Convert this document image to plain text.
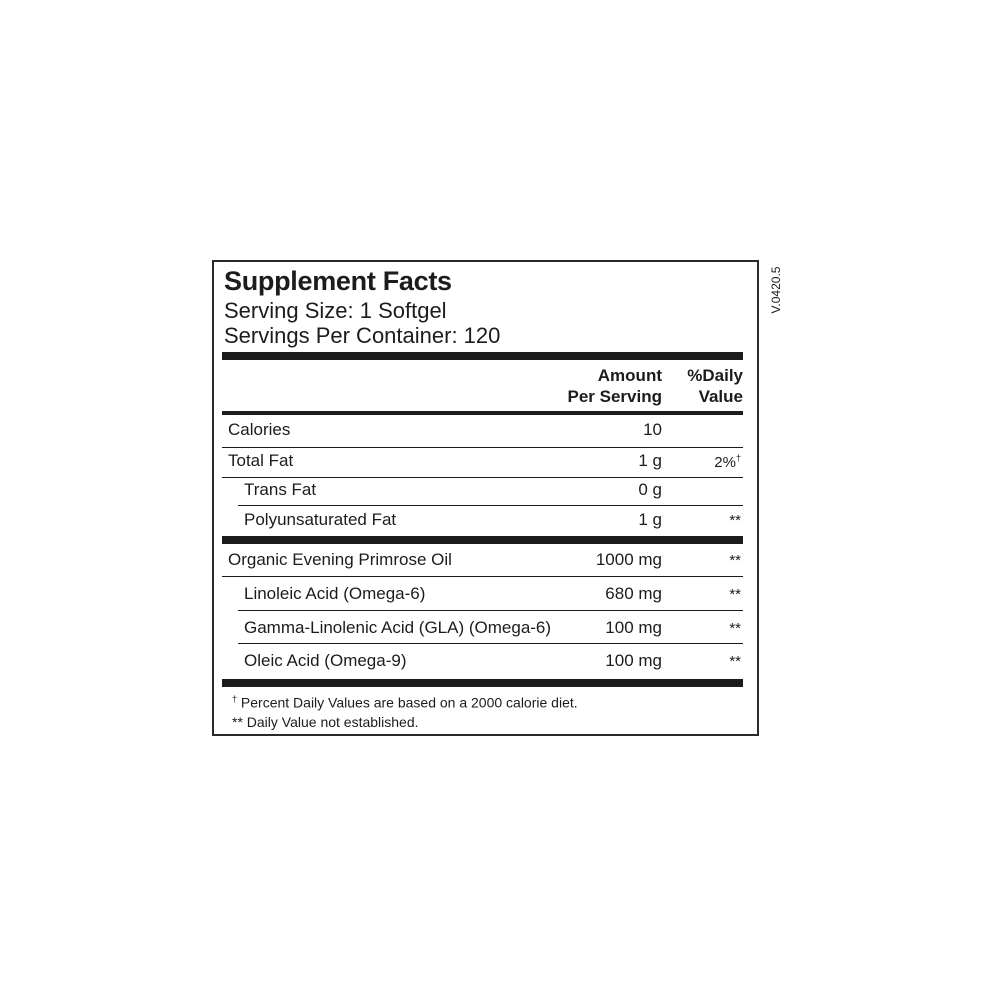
Supplement Facts
Serving Size: 1 Softgel
Servings Per Container: 120
Amount
Per Serving
%Daily
Value
Calories	10
Total Fat	1 g	2%†
Trans Fat	0 g
Polyunsaturated Fat	1 g	**
Organic Evening Primrose Oil	1000 mg	**
Linoleic Acid (Omega-6)	680 mg	**
Gamma-Linolenic Acid (GLA) (Omega-6)	100 mg	**
Oleic Acid (Omega-9)	100 mg	**
† Percent Daily Values are based on a 2000 calorie diet.
** Daily Value not established.
V.0420.5
